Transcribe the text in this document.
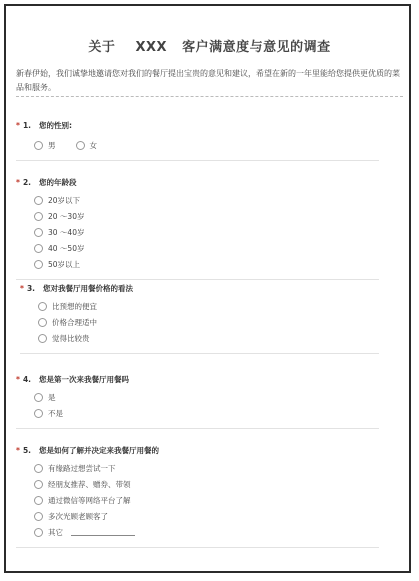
关于    XXX   客户满意度与意见的调查
新春伊始，我们诚挚地邀请您对我们的餐厅提出宝贵的意见和建议，希望在新的一年里能给您提供更优质的菜品和服务。
* 1. 您的性别:
男	女
* 2. 您的年龄段
20岁以下
20 ～30岁
30 ～40岁
40 ～50岁
50岁以上
* 3. 您对我餐厅用餐价格的看法
比预想的便宜
价格合理适中
觉得比较贵
* 4. 您是第一次来我餐厅用餐吗
是
不是
* 5. 您是如何了解并决定来我餐厅用餐的
有缘路过想尝试一下
经朋友推荐、赠券、带领
通过微信等网络平台了解
多次光顾老顾客了
其它
